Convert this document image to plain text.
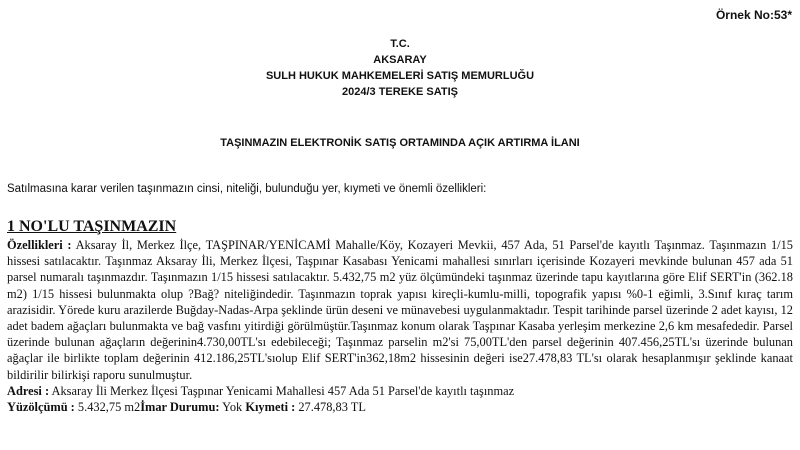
Örnek No:53*
T.C.
AKSARAY
SULH HUKUK MAHKEMELERİ SATIŞ MEMURLUĞU
2024/3 TEREKE SATIŞ
TAŞINMAZIN ELEKTRONİK SATIŞ ORTAMINDA AÇIK ARTIRMA İLANI
Satılmasına karar verilen taşınmazın cinsi, niteliği, bulunduğu yer, kıymeti ve önemli özellikleri:
1 NO'LU TAŞINMAZIN

Özellikleri : Aksaray İl, Merkez İlçe, TAŞPINAR/YENİCAMİ Mahalle/Köy, Kozayeri Mevkii, 457 Ada, 51 Parsel'de kayıtlı Taşınmaz. Taşınmazın 1/15 hissesi satılacaktır. Taşınmaz Aksaray İli, Merkez İlçesi, Taşpınar Kasabası Yenicami mahallesi sınırları içerisinde Kozayeri mevkinde bulunan 457 ada 51 parsel numaralı taşınmazdır. Taşınmazın 1/15 hissesi satılacaktır. 5.432,75 m2 yüz ölçümündeki taşınmaz üzerinde tapu kayıtlarına göre Elif SERT'in (362.18 m2) 1/15 hissesi bulunmakta olup ?Bağ? niteliğindedir. Taşınmazın toprak yapısı kireçli-kumlu-milli, topografik yapısı %0-1 eğimli, 3.Sınıf kıraç tarım arazisidir. Yörede kuru arazilerde Buğday-Nadas-Arpa şeklinde ürün deseni ve münavebesi uygulanmaktadır. Tespit tarihinde parsel üzerinde 2 adet kayısı, 12 adet badem ağaçları bulunmakta ve bağ vasfını yitirdiği görülmüştür.Taşınmaz konum olarak Taşpınar Kasaba yerleşim merkezine 2,6 km mesafededir. Parsel üzerinde bulunan ağaçların değerinin4.730,00TL'sı edebileceği; Taşınmaz parselin m2'si 75,00TL'den parsel değerinin 407.456,25TL'sı üzerinde bulunan ağaçlar ile birlikte toplam değerinin 412.186,25TL'sıolup Elif SERT'in362,18m2 hissesinin değeri ise27.478,83 TL'sı olarak hesaplanmışır şeklinde kanaat bildirilir bilirkişi raporu sunulmuştur.

Adresi : Aksaray İli Merkez İlçesi Taşpınar Yenicami Mahallesi 457 Ada 51 Parsel'de kayıtlı taşınmaz

Yüzölçümü : 5.432,75 m2İmar Durumu: Yok Kıymeti : 27.478,83 TL
